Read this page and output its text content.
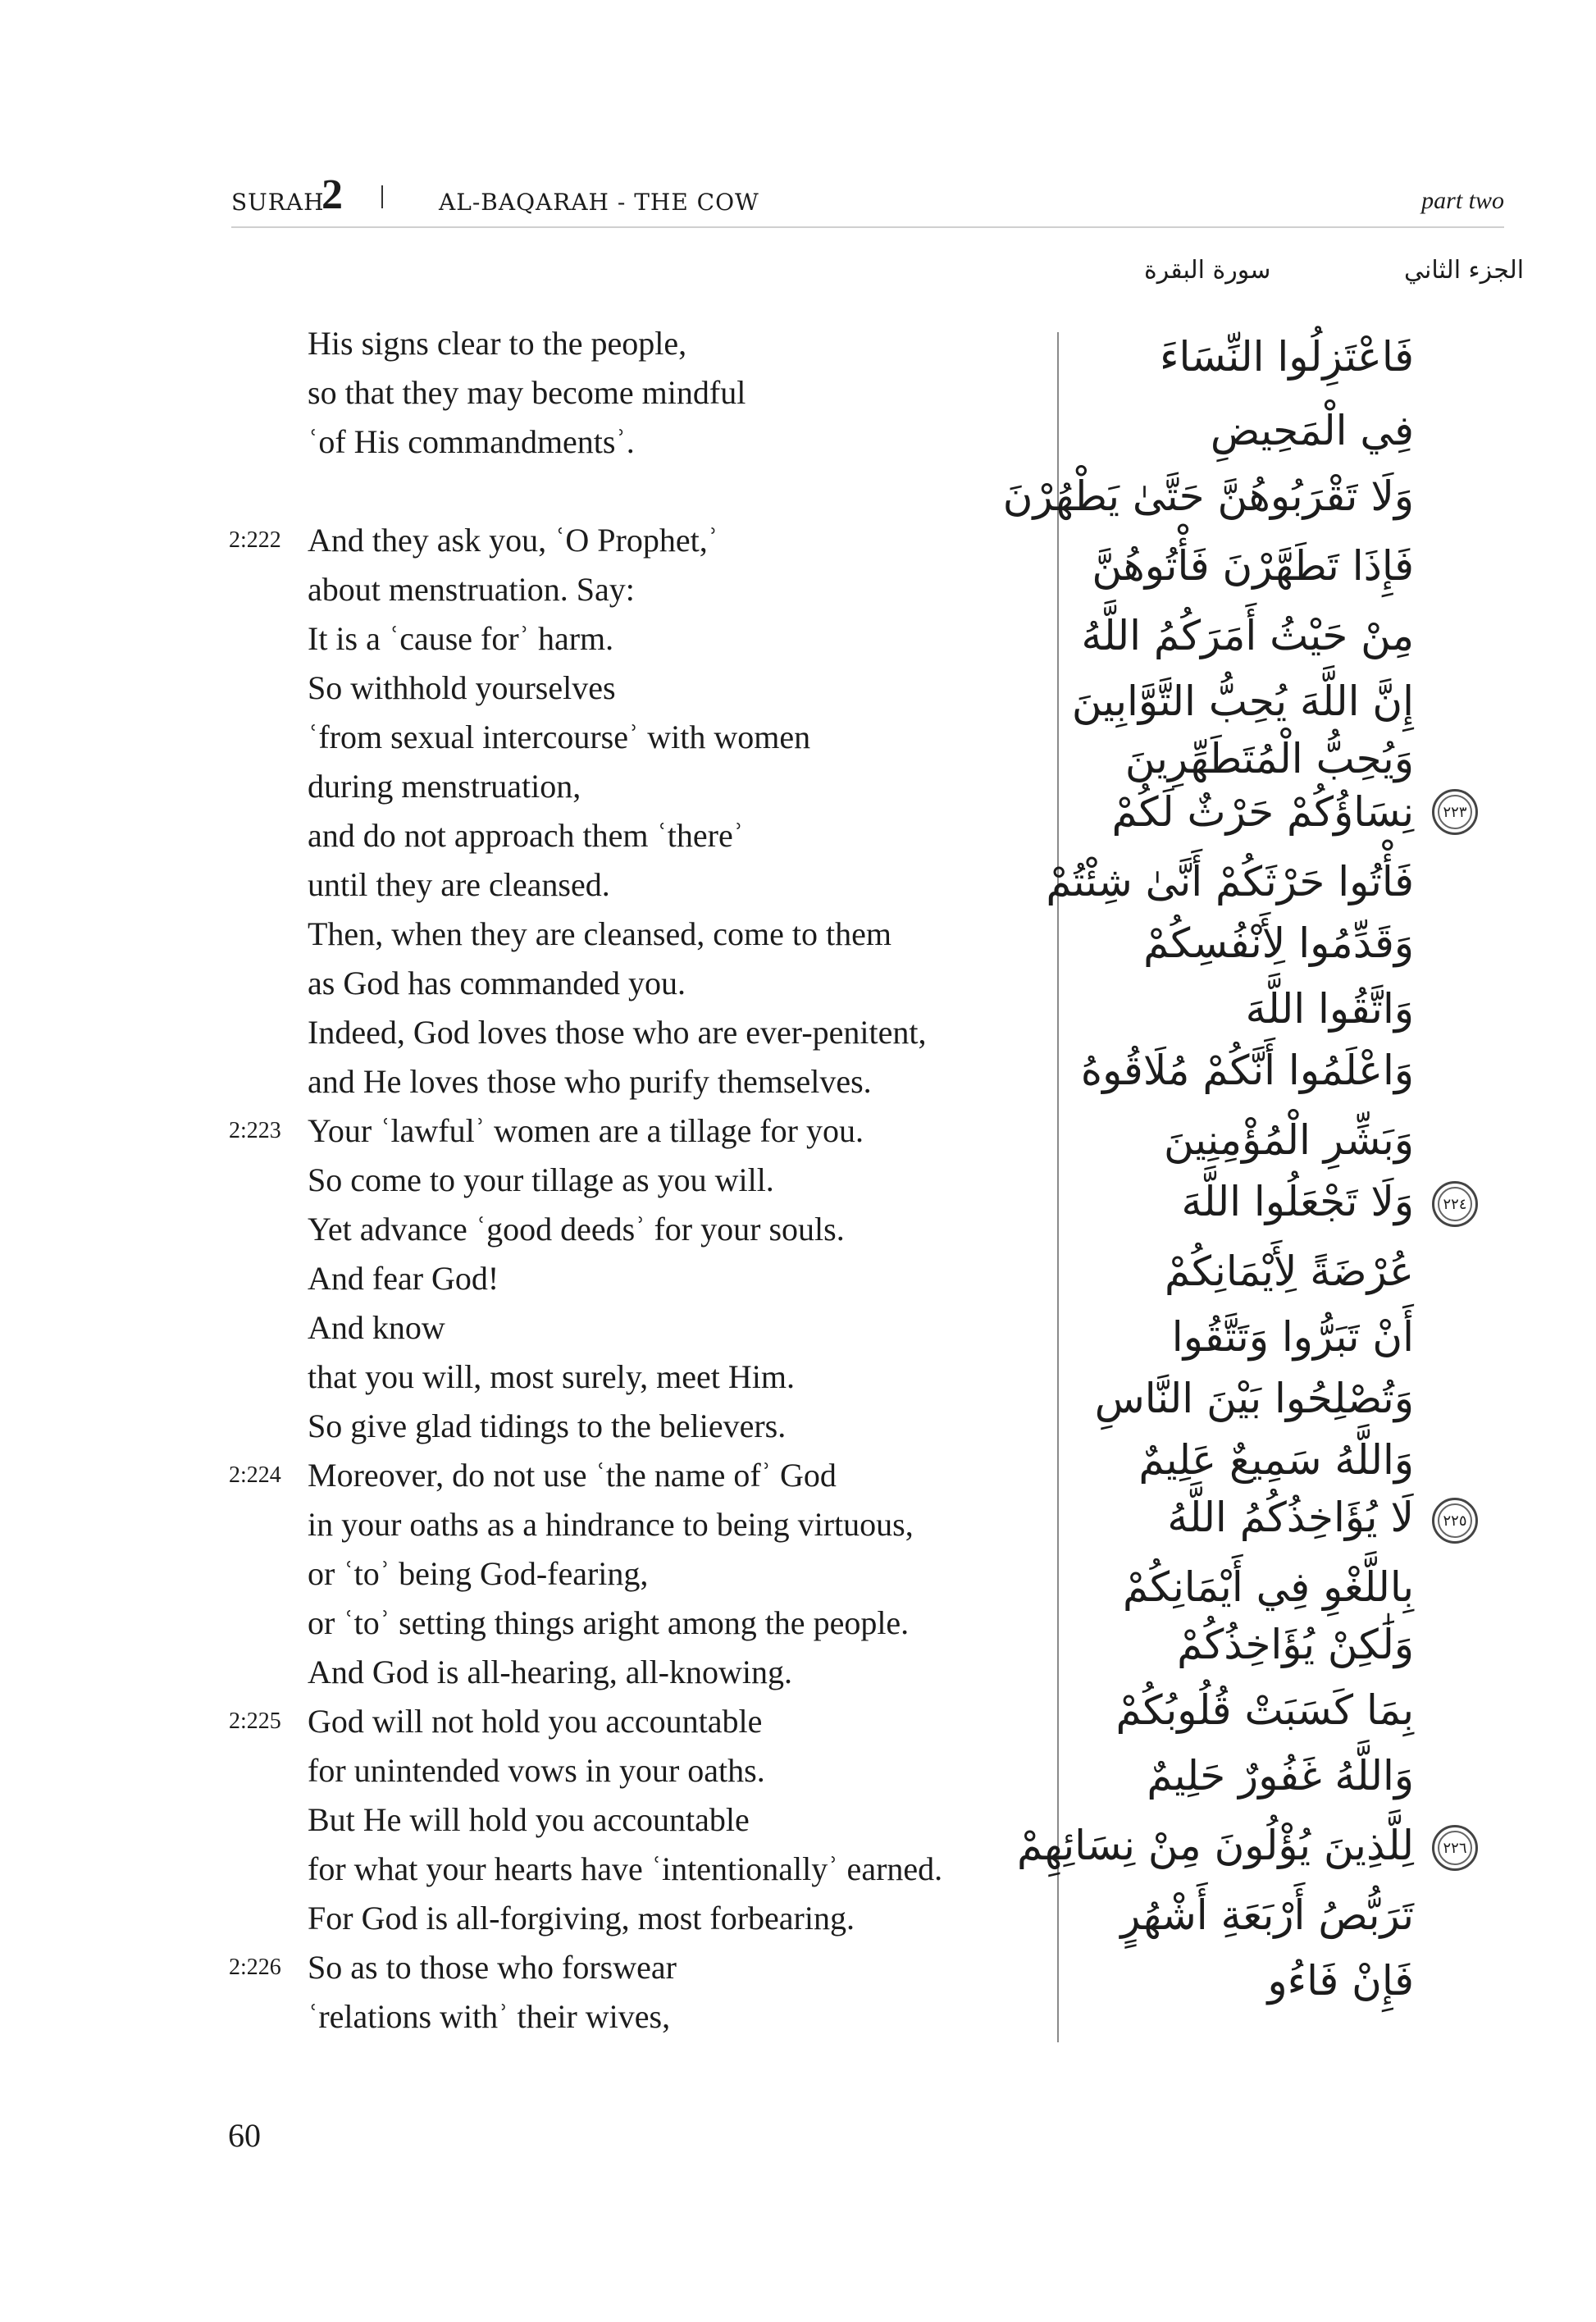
SURAH
2	AL-BAQARAH - THE COW	part two
الجزء الثاني
سورة البقرة
His signs clear to the people,
so that they may become mindful
ʿof His commandmentsʾ.
2:222 And they ask you, ʿO Prophet,ʾ
about menstruation. Say:
It is a ʿcause forʾ harm.
So withhold yourselves
ʿfrom sexual intercourseʾ with women
during menstruation,
and do not approach them ʿthereʾ
until they are cleansed.
Then, when they are cleansed, come to them
as God has commanded you.
Indeed, God loves those who are ever-penitent,
and He loves those who purify themselves.
2:223 Your ʿlawfulʾ women are a tillage for you.
So come to your tillage as you will.
Yet advance ʿgood deedsʾ for your souls.
And fear God!
And know
that you will, most surely, meet Him.
So give glad tidings to the believers.
2:224 Moreover, do not use ʿthe name ofʾ God
in your oaths as a hindrance to being virtuous,
or ʿtoʾ being God-fearing,
or ʿtoʾ setting things aright among the people.
And God is all-hearing, all-knowing.
2:225 God will not hold you accountable
for unintended vows in your oaths.
But He will hold you accountable
for what your hearts have ʿintentionallyʾ earned.
For God is all-forgiving, most forbearing.
2:226 So as to those who forswear
ʿrelations withʾ their wives,
فَاعْتَزِلُوا النِّسَاءَ
فِي الْمَحِيضِ
وَلَا تَقْرَبُوهُنَّ حَتَّىٰ يَطْهُرْنَ
فَإِذَا تَطَهَّرْنَ فَأْتُوهُنَّ
مِنْ حَيْثُ أَمَرَكُمُ اللَّهُ
إِنَّ اللَّهَ يُحِبُّ التَّوَّابِينَ
وَيُحِبُّ الْمُتَطَهِّرِينَ
٢٢٣
نِسَاؤُكُمْ حَرْثٌ لَكُمْ
فَأْتُوا حَرْثَكُمْ أَنَّىٰ شِئْتُمْ
وَقَدِّمُوا لِأَنْفُسِكُمْ
وَاتَّقُوا اللَّهَ
وَاعْلَمُوا أَنَّكُمْ مُلَاقُوهُ
وَبَشِّرِ الْمُؤْمِنِينَ
٢٢٤
وَلَا تَجْعَلُوا اللَّهَ
عُرْضَةً لِأَيْمَانِكُمْ
أَنْ تَبَرُّوا وَتَتَّقُوا
وَتُصْلِحُوا بَيْنَ النَّاسِ
وَاللَّهُ سَمِيعٌ عَلِيمٌ
٢٢٥
لَا يُؤَاخِذُكُمُ اللَّهُ
بِاللَّغْوِ فِي أَيْمَانِكُمْ
وَلَٰكِنْ يُؤَاخِذُكُمْ
بِمَا كَسَبَتْ قُلُوبُكُمْ
وَاللَّهُ غَفُورٌ حَلِيمٌ
٢٢٦
لِلَّذِينَ يُؤْلُونَ مِنْ نِسَائِهِمْ
تَرَبُّصُ أَرْبَعَةِ أَشْهُرٍ
فَإِنْ فَاءُو
60
